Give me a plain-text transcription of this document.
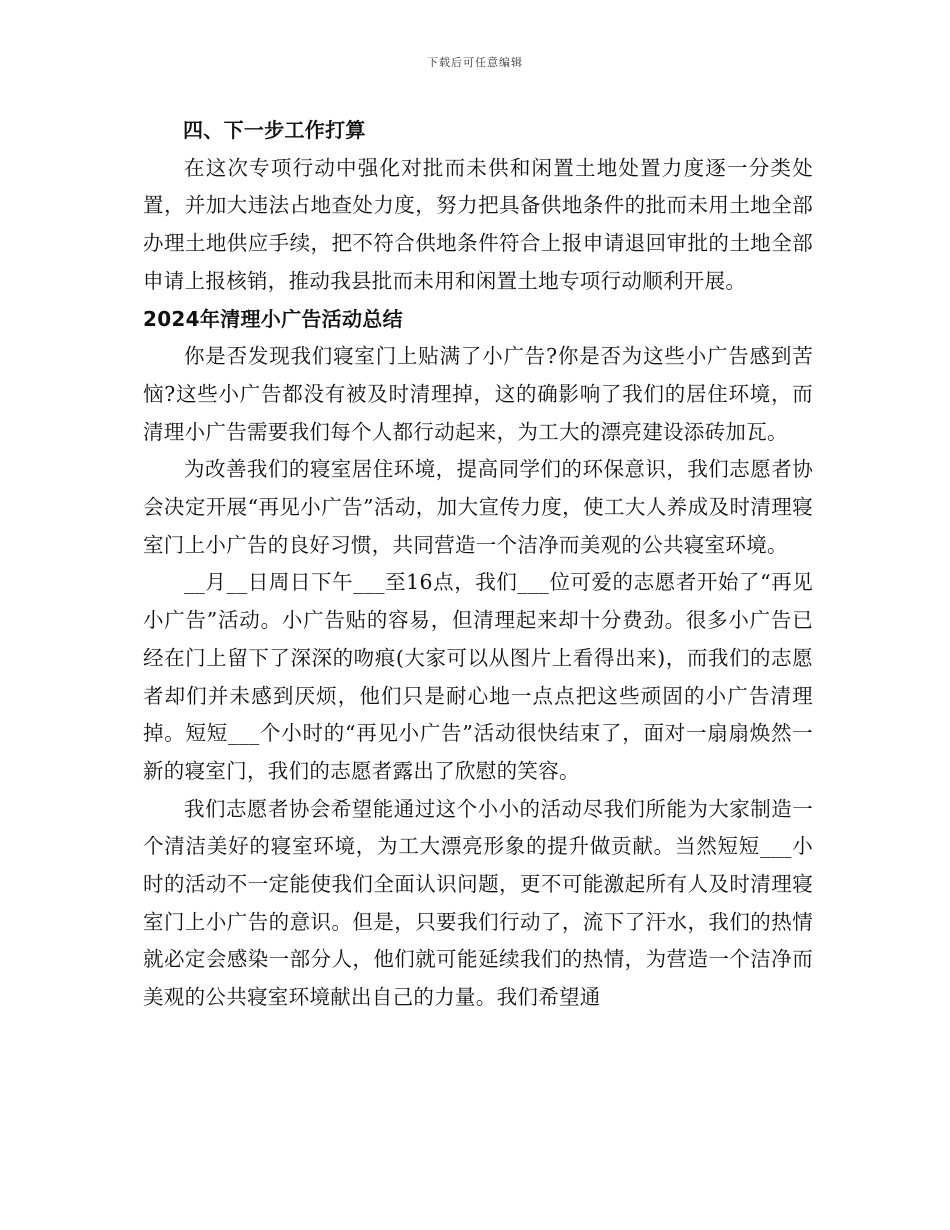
下载后可任意编辑

四、下一步工作打算

在这次专项行动中强化对批而未供和闲置土地处置力度逐一分类处置，并加大违法占地查处力度，努力把具备供地条件的批而未用土地全部办理土地供应手续，把不符合供地条件符合上报申请退回审批的土地全部申请上报核销，推动我县批而未用和闲置土地专项行动顺利开展。

2024年清理小广告活动总结

你是否发现我们寝室门上贴满了小广告?你是否为这些小广告感到苦恼?这些小广告都没有被及时清理掉，这的确影响了我们的居住环境，而清理小广告需要我们每个人都行动起来，为工大的漂亮建设添砖加瓦。

为改善我们的寝室居住环境，提高同学们的环保意识，我们志愿者协会决定开展“再见小广告”活动，加大宣传力度，使工大人养成及时清理寝室门上小广告的良好习惯，共同营造一个洁净而美观的公共寝室环境。

__月__日周日下午___至16点，我们___位可爱的志愿者开始了“再见小广告”活动。小广告贴的容易，但清理起来却十分费劲。很多小广告已经在门上留下了深深的吻痕(大家可以从图片上看得出来)，而我们的志愿者却们并未感到厌烦，他们只是耐心地一点点把这些顽固的小广告清理掉。短短___个小时的“再见小广告”活动很快结束了，面对一扇扇焕然一新的寝室门，我们的志愿者露出了欣慰的笑容。

我们志愿者协会希望能通过这个小小的活动尽我们所能为大家制造一个清洁美好的寝室环境，为工大漂亮形象的提升做贡献。当然短短___小时的活动不一定能使我们全面认识问题，更不可能激起所有人及时清理寝室门上小广告的意识。但是，只要我们行动了，流下了汗水，我们的热情就必定会感染一部分人，他们就可能延续我们的热情，为营造一个洁净而美观的公共寝室环境献出自己的力量。我们希望通
